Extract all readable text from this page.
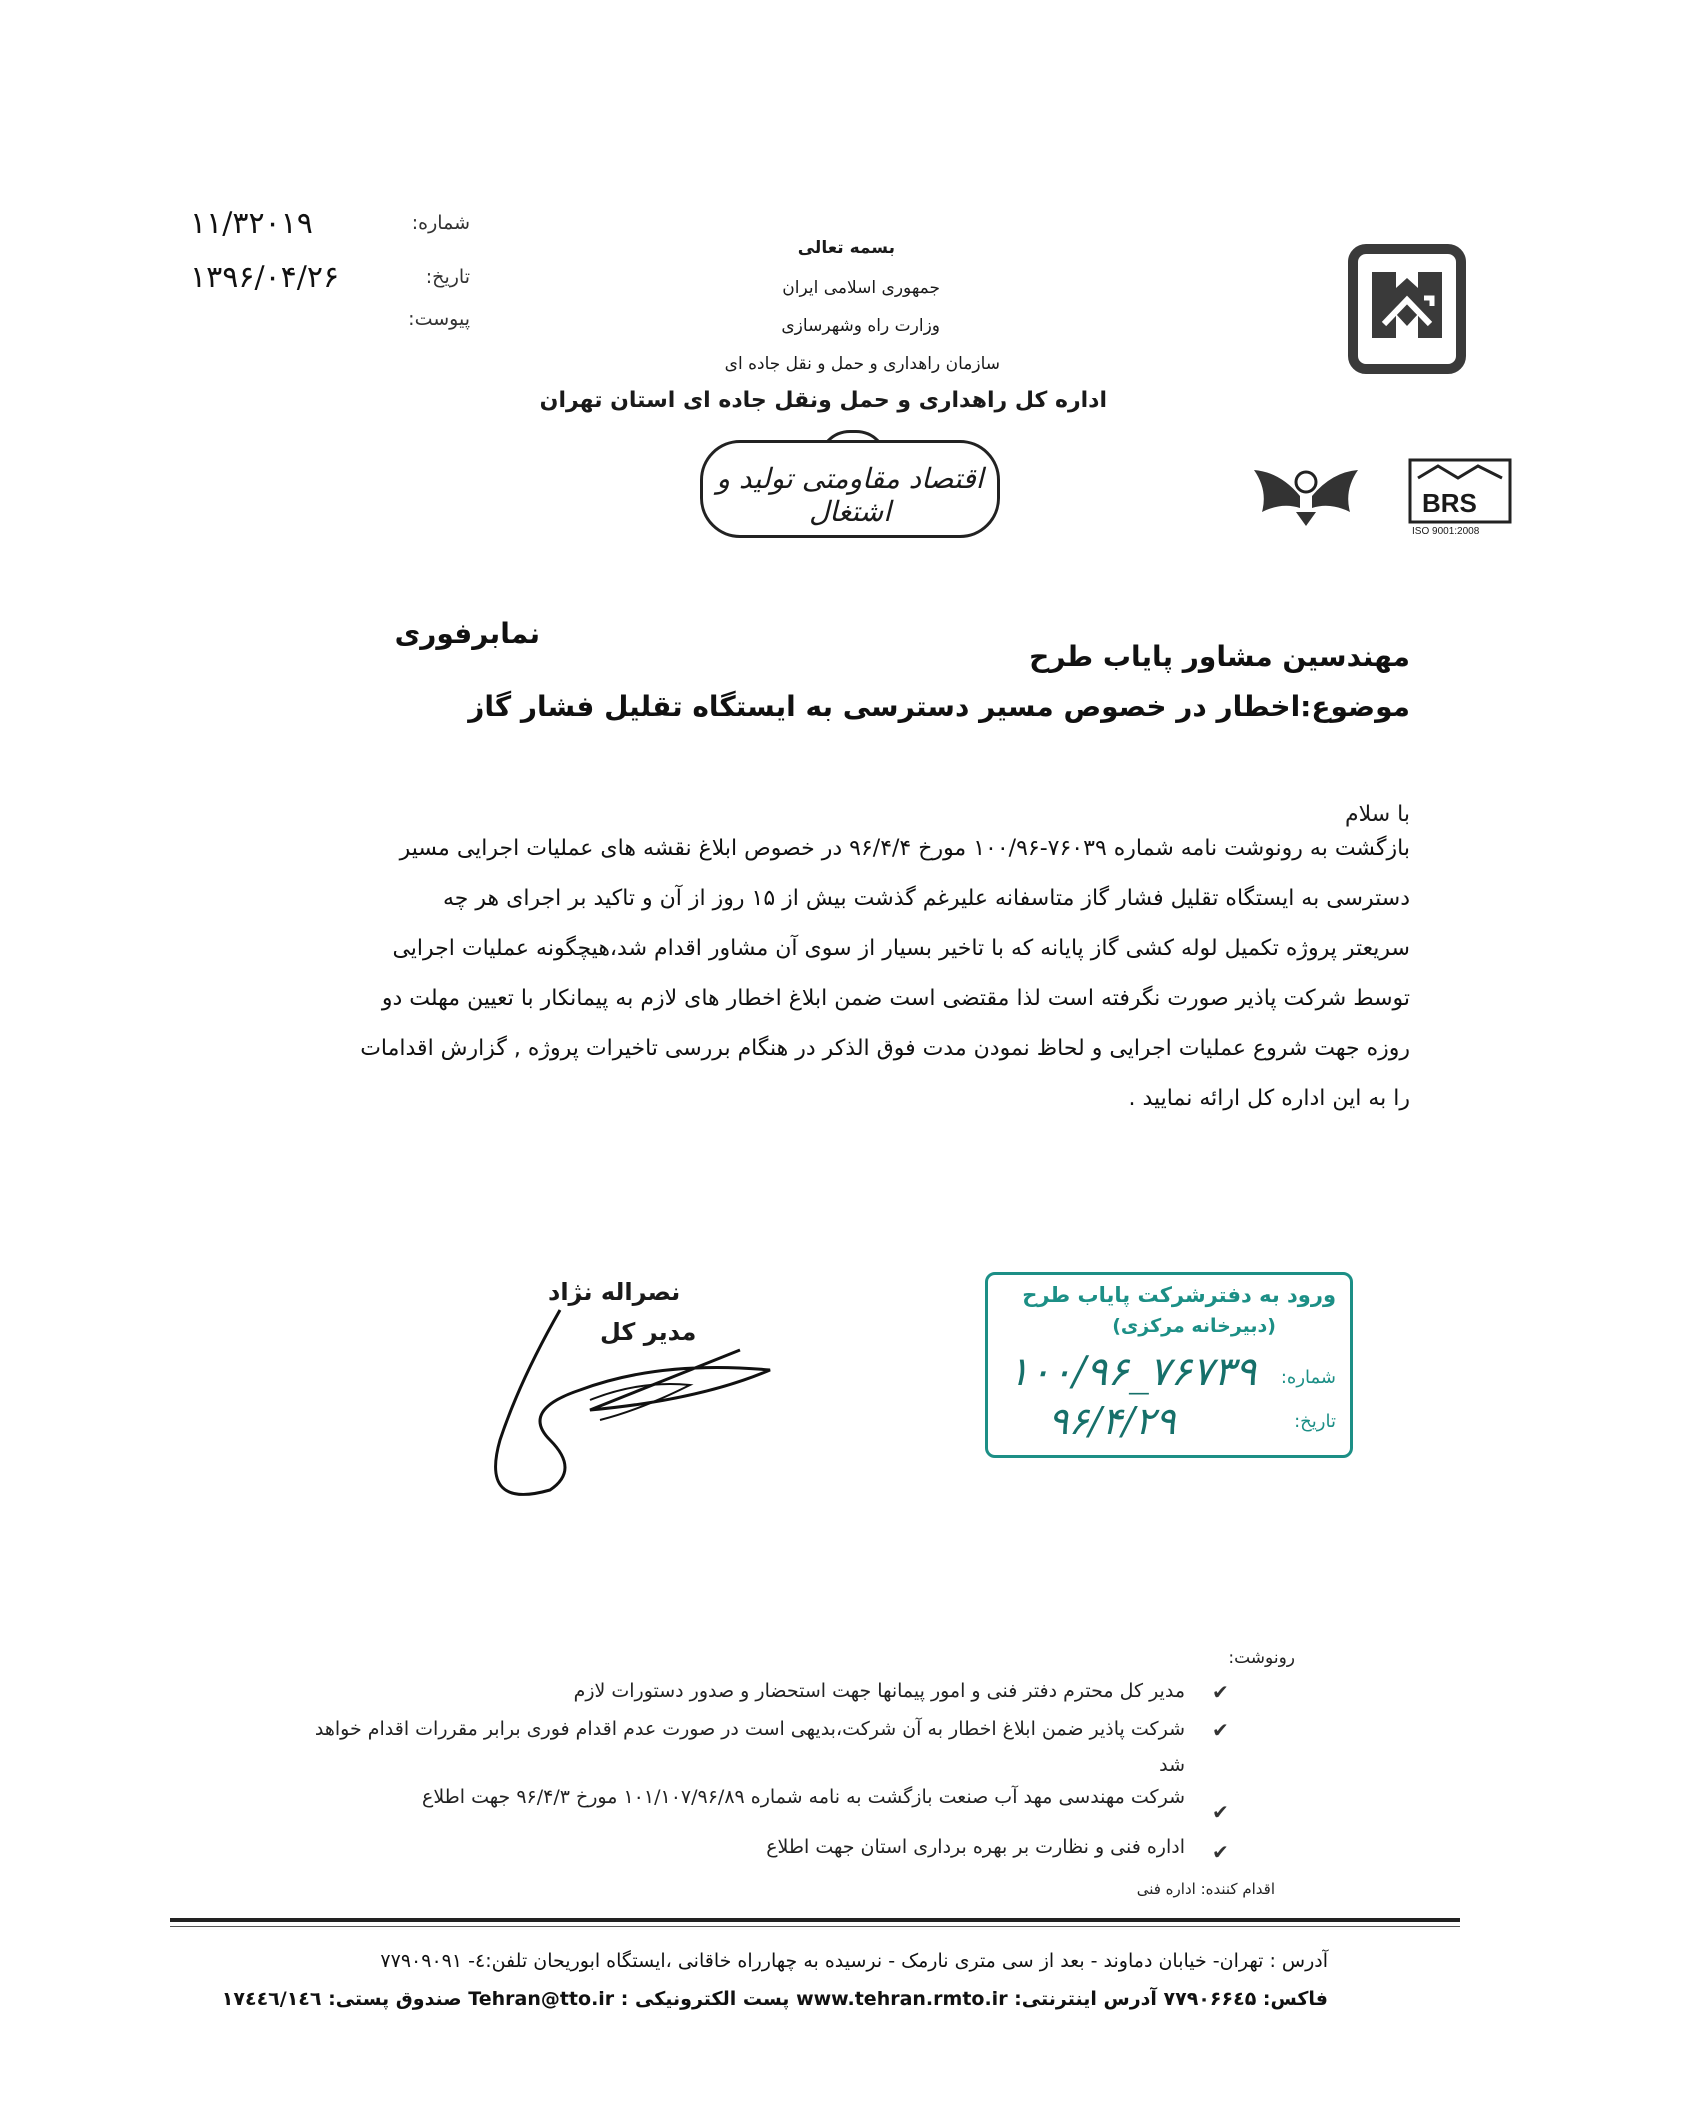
۱۱/۳۲۰۱۹	شماره:
۱۳۹۶/۰۴/۲۶	تاریخ:
پیوست:
بسمه تعالی
جمهوری اسلامی ایران
وزارت راه وشهرسازی
سازمان راهداری و حمل و نقل جاده ای
اداره کل راهداری و حمل ونقل جاده ای استان تهران
اقتصاد مقاومتی تولید و اشتغال	BRS
ISO 9001:2008
نمابرفوری
مهندسین مشاور پایاب طرح
موضوع:اخطار در خصوص مسیر دسترسی به ایستگاه تقلیل فشار گاز
با سلام
بازگشت به رونوشت نامه شماره ۷۶۰۳۹-۱۰۰/۹۶ مورخ ۹۶/۴/۴ در خصوص ابلاغ نقشه های عملیات اجرایی مسیر
دسترسی به ایستگاه تقلیل فشار گاز متاسفانه علیرغم گذشت بیش از ۱۵ روز از آن و تاکید بر اجرای هر چه
سریعتر پروژه تکمیل لوله کشی گاز پایانه که با تاخیر بسیار از سوی آن مشاور اقدام شد،هیچگونه عملیات اجرایی
توسط شرکت پاذیر صورت نگرفته است لذا مقتضی است ضمن ابلاغ اخطار های لازم به پیمانکار با تعیین مهلت دو
روزه جهت شروع عملیات اجرایی و لحاظ نمودن مدت فوق الذکر در هنگام بررسی تاخیرات پروژه , گزارش اقدامات
را به این اداره کل ارائه نمایید .
نصراله نژاد
مدیر کل
ورود به دفترشرکت پایاب طرح
(دبیرخانه مرکزی)
شماره:
۱۰۰/۹۶_۷۶۷۳۹
تاریخ:
۹۶/۴/۲۹
رونوشت:
✔
مدیر کل محترم دفتر فنی و امور پیمانها جهت استحضار و صدور دستورات لازم
✔
شرکت پاذیر ضمن ابلاغ اخطار به آن شرکت،بدیهی است در صورت عدم اقدام فوری برابر مقررات اقدام خواهد
شد
✔
شرکت مهندسی مهد آب صنعت بازگشت به نامه شماره ۱۰۱/۱۰۷/۹۶/۸۹ مورخ ۹۶/۴/۳ جهت اطلاع
✔
اداره فنی و نظارت بر بهره برداری استان جهت اطلاع
اقدام کننده: اداره فنی
آدرس : تهران- خیابان دماوند - بعد از سی متری نارمک - نرسیده به چهارراه خاقانی ،ایستگاه ابوریحان تلفن:٤- ۷۷۹۰۹۰۹۱
فاکس: ۷۷۹۰۶۶٤۵ آدرس اینترنتی: www.tehran.rmto.ir پست الکترونیکی : Tehran@tto.ir صندوق پستی: ۱۷٤٤٦/۱٤٦
